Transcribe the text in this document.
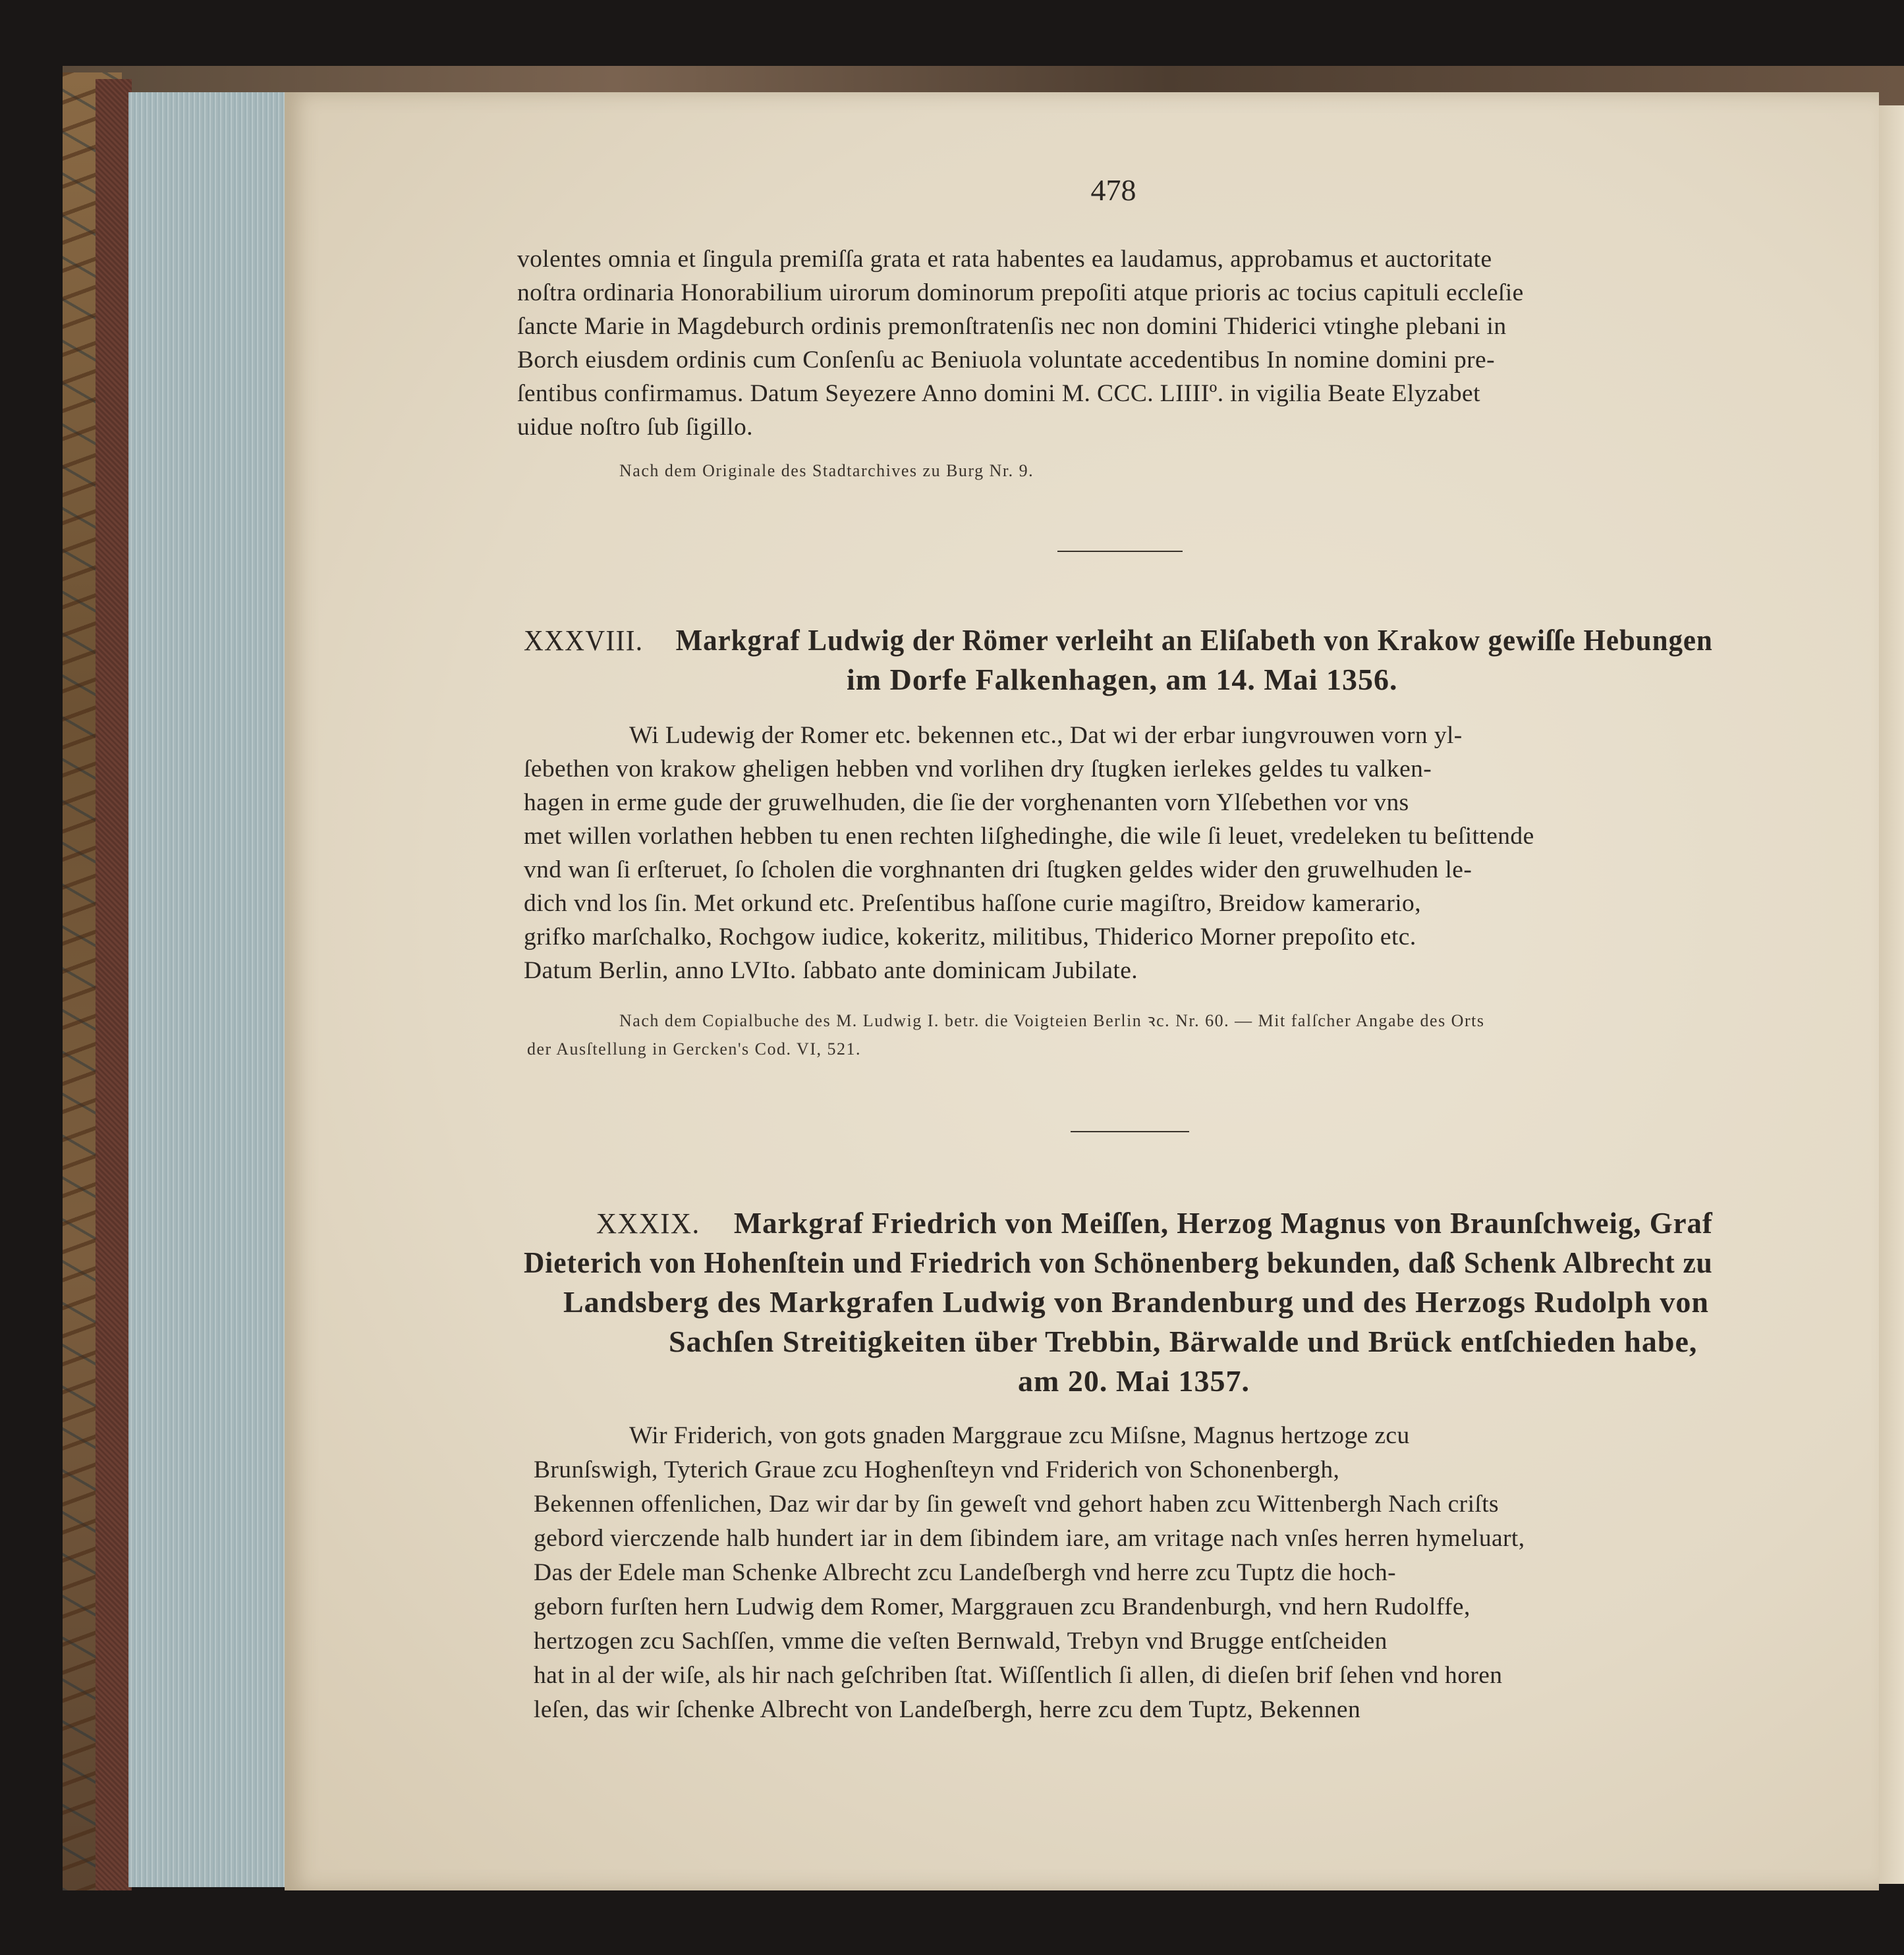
478
volentes omnia et ſingula premiſſa grata et rata habentes ea laudamus, approbamus et auctoritate
noſtra ordinaria Honorabilium uirorum dominorum prepoſiti atque prioris ac tocius capituli eccleſie
ſancte Marie in Magdeburch ordinis premonſtratenſis nec non domini Thiderici vtinghe plebani in
Borch eiusdem ordinis cum Conſenſu ac Beniuola voluntate accedentibus In nomine domini pre-
ſentibus confirmamus. Datum Seyezere Anno domini M. CCC. LIIIIº. in vigilia Beate Elyzabet
uidue noſtro ſub ſigillo.
Nach dem Originale des Stadtarchives zu Burg Nr. 9.
XXXVIII. Markgraf Ludwig der Römer verleiht an Eliſabeth von Krakow gewiſſe Hebungen
im Dorfe Falkenhagen, am 14. Mai 1356.
Wi Ludewig der Romer etc. bekennen etc., Dat wi der erbar iungvrouwen vorn yl-
ſebethen von krakow gheligen hebben vnd vorlihen dry ſtugken ierlekes geldes tu valken-
hagen in erme gude der gruwelhuden, die ſie der vorghenanten vorn Ylſebethen vor vns
met willen vorlathen hebben tu enen rechten liſghedinghe, die wile ſi leuet, vredeleken tu beſittende
vnd wan ſi erſteruet, ſo ſcholen die vorghnanten dri ſtugken geldes wider den gruwelhuden le-
dich vnd los ſin. Met orkund etc. Preſentibus haſſone curie magiſtro, Breidow kamerario,
grifko marſchalko, Rochgow iudice, kokeritz, militibus, Thiderico Morner prepoſito etc.
Datum Berlin, anno LVIto. ſabbato ante dominicam Jubilate.
Nach dem Copialbuche des M. Ludwig I. betr. die Voigteien Berlin ꝛc. Nr. 60. — Mit falſcher Angabe des Orts
der Ausſtellung in Gercken's Cod. VI, 521.
XXXIX. Markgraf Friedrich von Meiſſen, Herzog Magnus von Braunſchweig, Graf
Dieterich von Hohenſtein und Friedrich von Schönenberg bekunden, daß Schenk Albrecht zu
Landsberg des Markgrafen Ludwig von Brandenburg und des Herzogs Rudolph von
Sachſen Streitigkeiten über Trebbin, Bärwalde und Brück entſchieden habe,
am 20. Mai 1357.
Wir Friderich, von gots gnaden Marggraue zcu Miſsne, Magnus hertzoge zcu
Brunſswigh, Tyterich Graue zcu Hoghenſteyn vnd Friderich von Schonenbergh,
Bekennen offenlichen, Daz wir dar by ſin geweſt vnd gehort haben zcu Wittenbergh Nach criſts
gebord vierczende halb hundert iar in dem ſibindem iare, am vritage nach vnſes herren hymeluart,
Das der Edele man Schenke Albrecht zcu Landeſbergh vnd herre zcu Tuptz die hoch-
geborn furſten hern Ludwig dem Romer, Marggrauen zcu Brandenburgh, vnd hern Rudolffe,
hertzogen zcu Sachſſen, vmme die veſten Bernwald, Trebyn vnd Brugge entſcheiden
hat in al der wiſe, als hir nach geſchriben ſtat. Wiſſentlich ſi allen, di dieſen brif ſehen vnd horen
leſen, das wir ſchenke Albrecht von Landeſbergh, herre zcu dem Tuptz, Bekennen
